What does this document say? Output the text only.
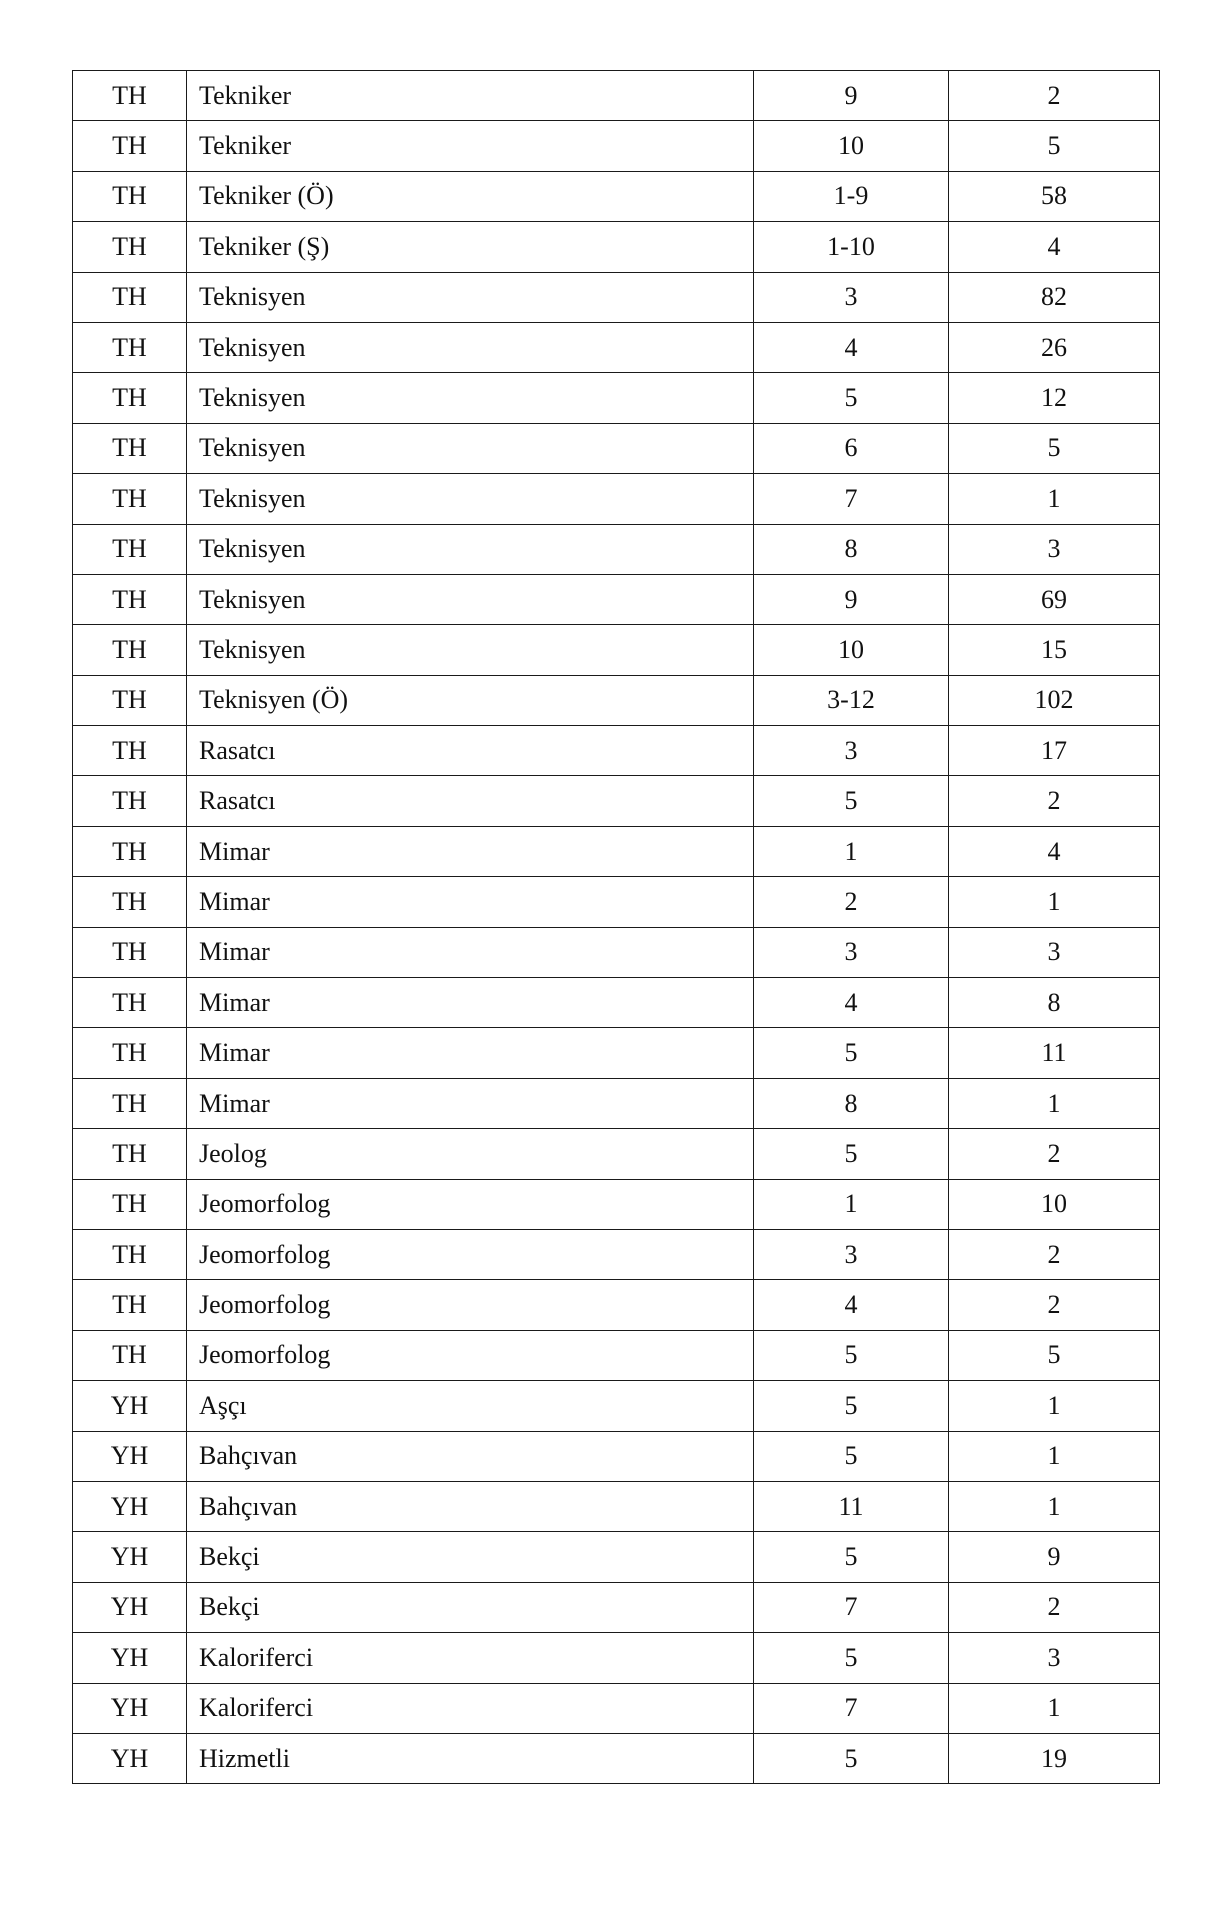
TH	Tekniker	9	2
TH	Tekniker	10	5
TH	Tekniker (Ö)	1-9	58
TH	Tekniker (Ş)	1-10	4
TH	Teknisyen	3	82
TH	Teknisyen	4	26
TH	Teknisyen	5	12
TH	Teknisyen	6	5
TH	Teknisyen	7	1
TH	Teknisyen	8	3
TH	Teknisyen	9	69
TH	Teknisyen	10	15
TH	Teknisyen (Ö)	3-12	102
TH	Rasatcı	3	17
TH	Rasatcı	5	2
TH	Mimar	1	4
TH	Mimar	2	1
TH	Mimar	3	3
TH	Mimar	4	8
TH	Mimar	5	11
TH	Mimar	8	1
TH	Jeolog	5	2
TH	Jeomorfolog	1	10
TH	Jeomorfolog	3	2
TH	Jeomorfolog	4	2
TH	Jeomorfolog	5	5
YH	Aşçı	5	1
YH	Bahçıvan	5	1
YH	Bahçıvan	11	1
YH	Bekçi	5	9
YH	Bekçi	7	2
YH	Kaloriferci	5	3
YH	Kaloriferci	7	1
YH	Hizmetli	5	19
